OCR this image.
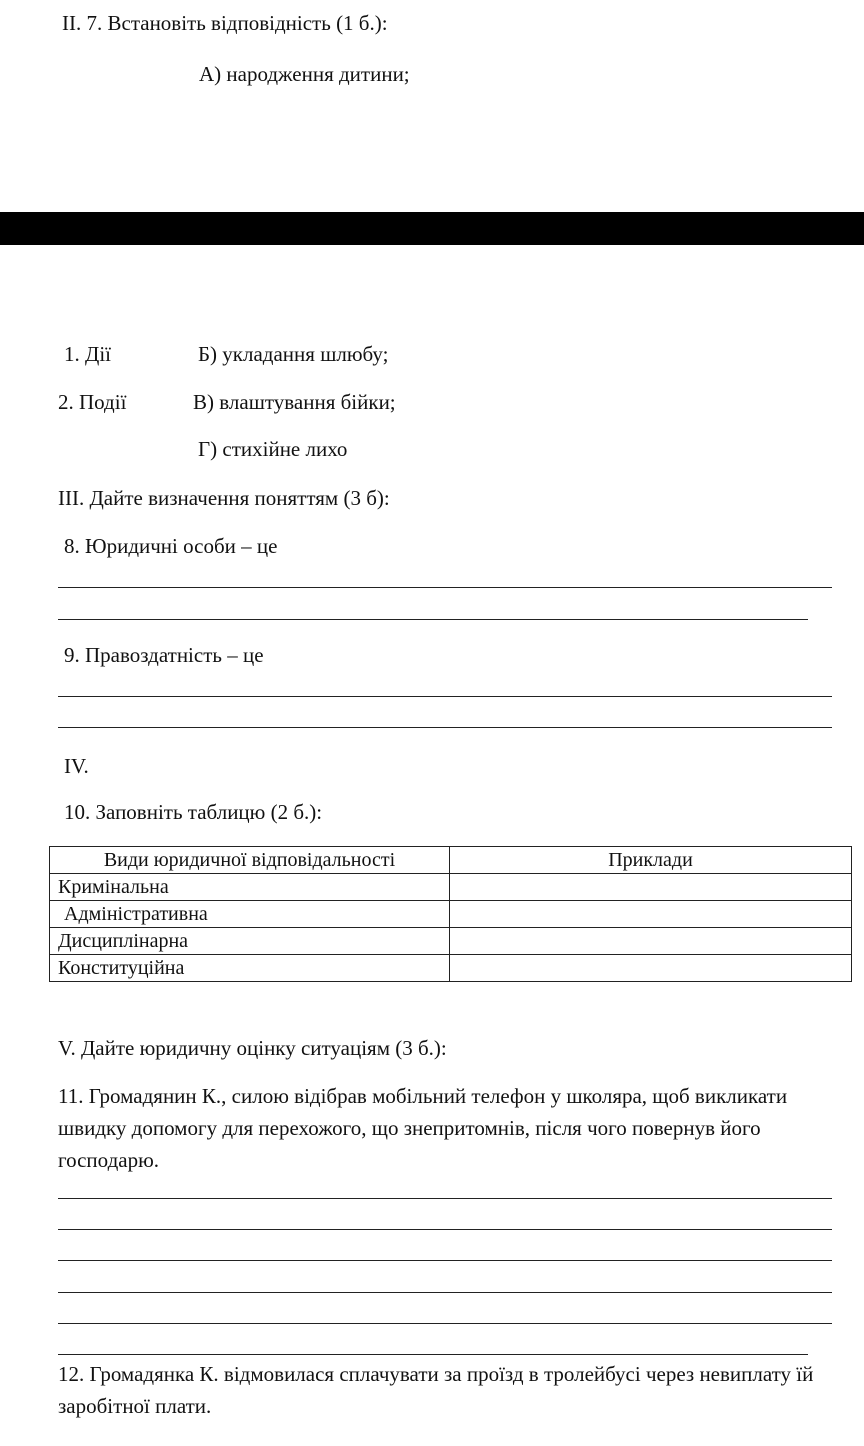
II. 7. Встановіть відповідність (1 б.):
А) народження дитини;
1. Дії	Б) укладання шлюбу;
2. Події	В) влаштування бійки;
Г) стихійне лихо
III. Дайте визначення поняттям (3 б):
8. Юридичні особи – це
9. Правоздатність – це
IV.
10. Заповніть таблицю (2 б.):
Види юридичної відповідальності	Приклади
Кримінальна	
Адміністративна	
Дисциплінарна	
Конституційна	
V. Дайте юридичну оцінку ситуаціям (3 б.):
11. Громадянин К., силою відібрав мобільний телефон у школяра, щоб викликати швидку допомогу для перехожого, що знепритомнів, після чого повернув його господарю.
12. Громадянка К. відмовилася сплачувати за проїзд в тролейбусі через невиплату їй заробітної плати.
